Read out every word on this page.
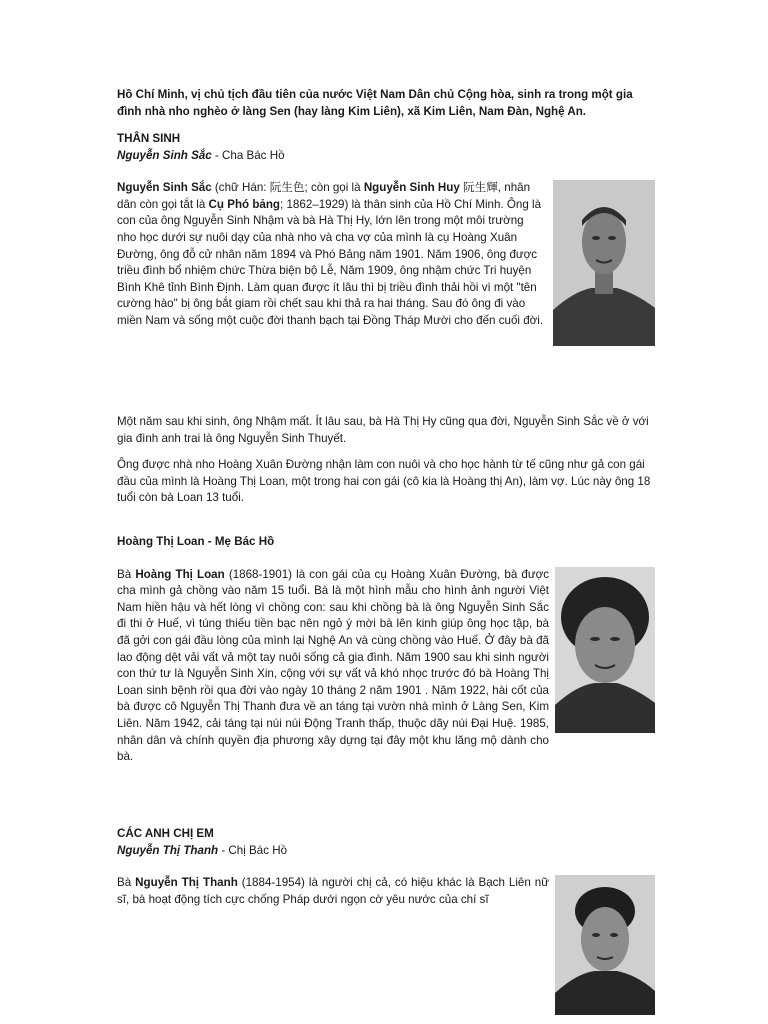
Hồ Chí Minh, vị chủ tịch đầu tiên của nước Việt Nam Dân chủ Cộng hòa, sinh ra trong một gia đình nhà nho nghèo ở làng Sen (hay làng Kim Liên), xã Kim Liên, Nam Đàn, Nghệ An.

THÂN SINH
Nguyễn Sinh Sắc - Cha Bác Hồ

Nguyễn Sinh Sắc (chữ Hán: 阮生色; còn gọi là Nguyễn Sinh Huy 阮生輝, nhân dân còn gọi tắt là Cụ Phó bảng; 1862–1929) là thân sinh của Hồ Chí Minh. Ông là con của ông Nguyễn Sinh Nhậm và bà Hà Thị Hy, lớn lên trong một môi trường nho học dưới sự nuôi dạy của nhà nho và cha vợ của mình là cụ Hoàng Xuân Đường, ông đỗ cử nhân năm 1894 và Phó Bảng năm 1901. Năm 1906, ông được triều đình bổ nhiệm chức Thừa biện bộ Lễ, Năm 1909, ông nhậm chức Tri huyện Bình Khê tỉnh Bình Định. Làm quan được ít lâu thì bị triều đình thải hồi vì một "tên cường hào" bị ông bắt giam rồi chết sau khi thả ra hai tháng. Sau đó ông đi vào miền Nam và sống một cuộc đời thanh bạch tại Đồng Tháp Mười cho đến cuối đời.

Một năm sau khi sinh, ông Nhậm mất. Ít lâu sau, bà Hà Thị Hy cũng qua đời, Nguyễn Sinh Sắc về ở với gia đình anh trai là ông Nguyễn Sinh Thuyết.

Ông được nhà nho Hoàng Xuân Đường nhận làm con nuôi và cho học hành từ tế cũng như gả con gái đầu của mình là Hoàng Thị Loan, một trong hai con gái (cô kia là Hoàng thị An), làm vợ. Lúc này ông 18 tuổi còn bà Loan 13 tuổi.

Hoàng Thị Loan - Mẹ Bác Hồ

Bà Hoàng Thị Loan (1868-1901) là con gái của cụ Hoàng Xuân Đường, bà được cha mình gả chồng vào năm 15 tuổi. Bà là một hình mẫu cho hình ảnh người Việt Nam hiền hậu và hết lòng vì chồng con: sau khi chồng bà là ông Nguyễn Sinh Sắc đi thi ở Huế, vì túng thiếu tiền bạc nên ngỏ ý mời bà lên kinh giúp ông học tập, bà đã gởi con gái đầu lòng của mình lại Nghệ An và cùng chồng vào Huế. Ở đây bà đã lao động dệt vải vất vả một tay nuôi sống cả gia đình. Năm 1900 sau khi sinh người con thứ tư là Nguyễn Sinh Xin, cộng với sự vất vả khó nhọc trước đó bà Hoàng Thị Loan sinh bệnh rồi qua đời vào ngày 10 tháng 2 năm 1901 . Năm 1922, hài cốt của bà được cô Nguyễn Thị Thanh đưa về an táng tại vườn nhà mình ở Làng Sen, Kim Liên. Năm 1942, cải táng tại núi núi Động Tranh thấp, thuộc dãy núi Đại Huệ. 1985, nhân dân và chính quyền địa phương xây dựng tại đây một khu lăng mộ dành cho bà.

CÁC ANH CHỊ EM
Nguyễn Thị Thanh - Chị Bác Hồ

Bà Nguyễn Thị Thanh (1884-1954) là người chị cả, có hiệu khác là Bạch Liên nữ sĩ, bà hoạt động tích cực chống Pháp dưới ngọn cờ yêu nước của chí sĩ
